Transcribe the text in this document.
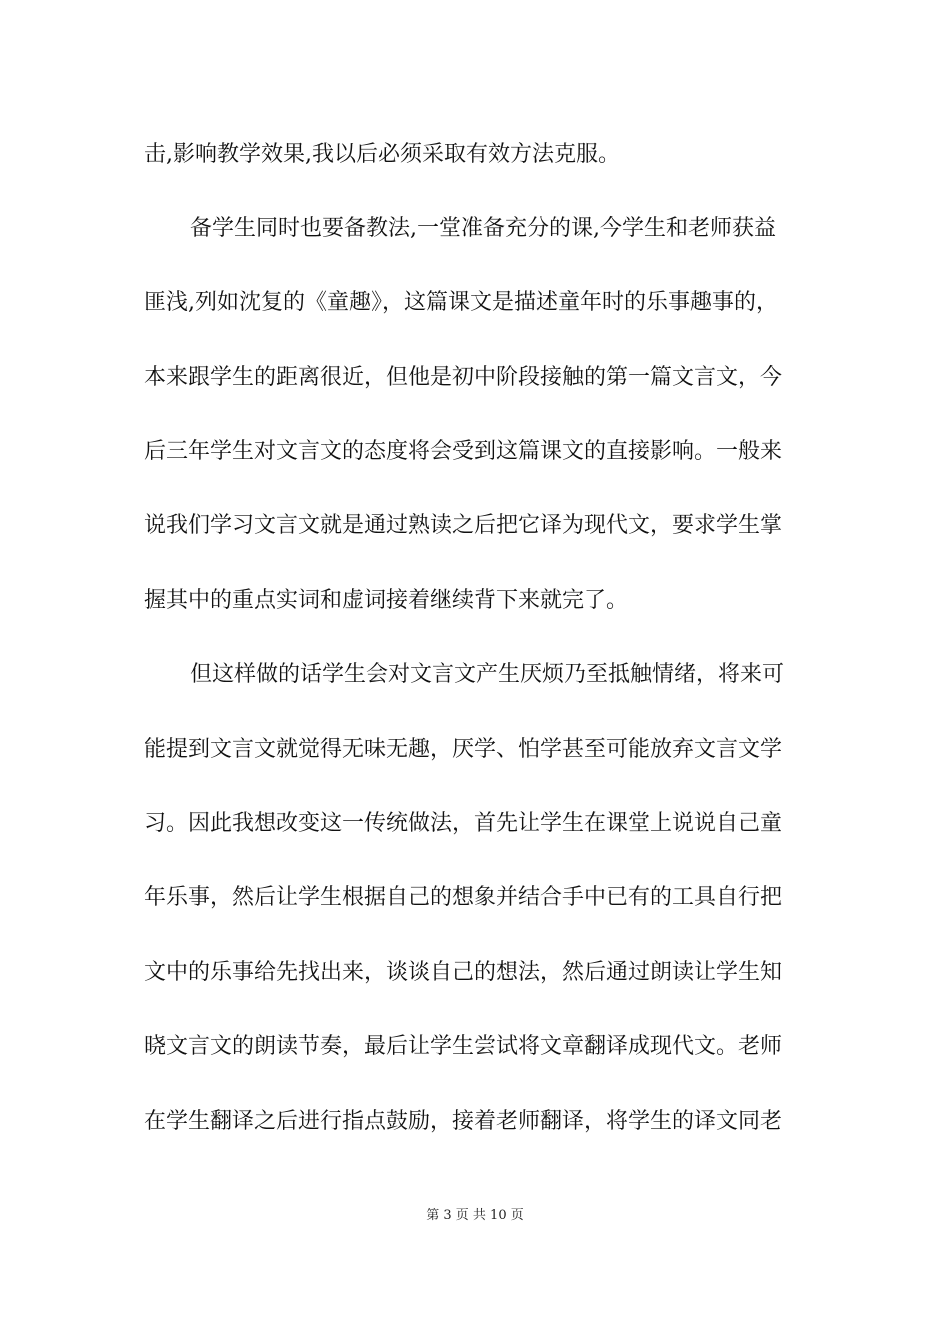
击,影响教学效果,我以后必须采取有效方法克服。
备学生同时也要备教法,一堂准备充分的课,今学生和老师获益
匪浅,列如沈复的《童趣》，这篇课文是描述童年时的乐事趣事的，
本来跟学生的距离很近，但他是初中阶段接触的第一篇文言文，今
后三年学生对文言文的态度将会受到这篇课文的直接影响。一般来
说我们学习文言文就是通过熟读之后把它译为现代文，要求学生掌
握其中的重点实词和虚词接着继续背下来就完了。
但这样做的话学生会对文言文产生厌烦乃至抵触情绪，将来可
能提到文言文就觉得无味无趣，厌学、怕学甚至可能放弃文言文学
习。因此我想改变这一传统做法，首先让学生在课堂上说说自己童
年乐事，然后让学生根据自己的想象并结合手中已有的工具自行把
文中的乐事给先找出来，谈谈自己的想法，然后通过朗读让学生知
晓文言文的朗读节奏，最后让学生尝试将文章翻译成现代文。老师
在学生翻译之后进行指点鼓励，接着老师翻译，将学生的译文同老
第 3 页 共 10 页
